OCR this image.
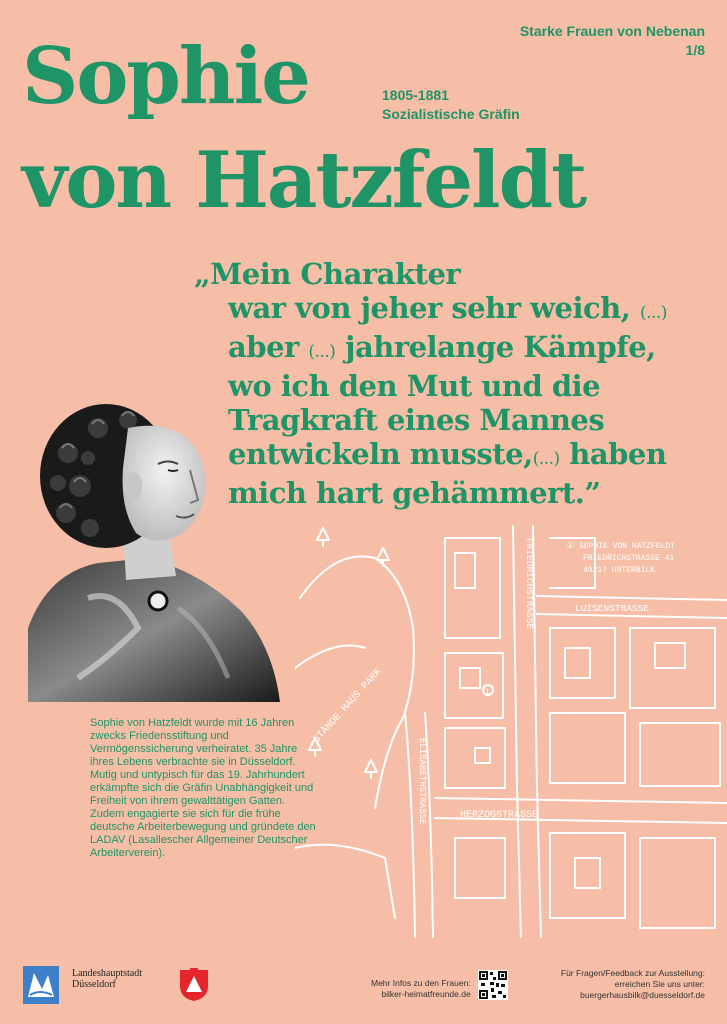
Starke Frauen von Nebenan
1/8
Sophie
von Hatzfeldt
1805-1881
Sozialistische Gräfin
„Mein Charakter
war von jeher sehr weich, (...)
aber (...) jahrelange Kämpfe,
wo ich den Mut und die
Tragkraft eines Mannes
entwickeln musste,(...) haben
mich hart gehämmert.”
Sophie von Hatzfeldt wurde mit 16 Jahren zwecks Friedensstiftung und Vermögenssicherung verheiratet. 35 Jahre ihres Lebens verbrachte sie in Düsseldorf. Mutig und untypisch für das 19. Jahrhundert erkämpfte sich die Gräfin Unabhängigkeit und Freiheit von ihrem gewalttätigen Gatten. Zudem engagierte sie sich für die frühe deutsche Arbeiterbewegung und gründete den LADAV (Lasallescher Allgemeiner Deutscher Arbeiterverein).
① SOPHIE VON HATZFELDT
FRIEDRICHSTRASSE 41
40217 UNTERBILK
LUISENSTRASSE
FRIEDRICHSTRASSE
HERZOGSTRASSE
ELISABETHSTRASSE
STÄNDE HAUS PARK	1
Landeshauptstadt
Düsseldorf	Mehr Infos zu den Frauen:
bilker-heimatfreunde.de
Für Fragen/Feedback zur Ausstellung:
erreichen Sie uns unter:
buergerhausbilk@duesseldorf.de
